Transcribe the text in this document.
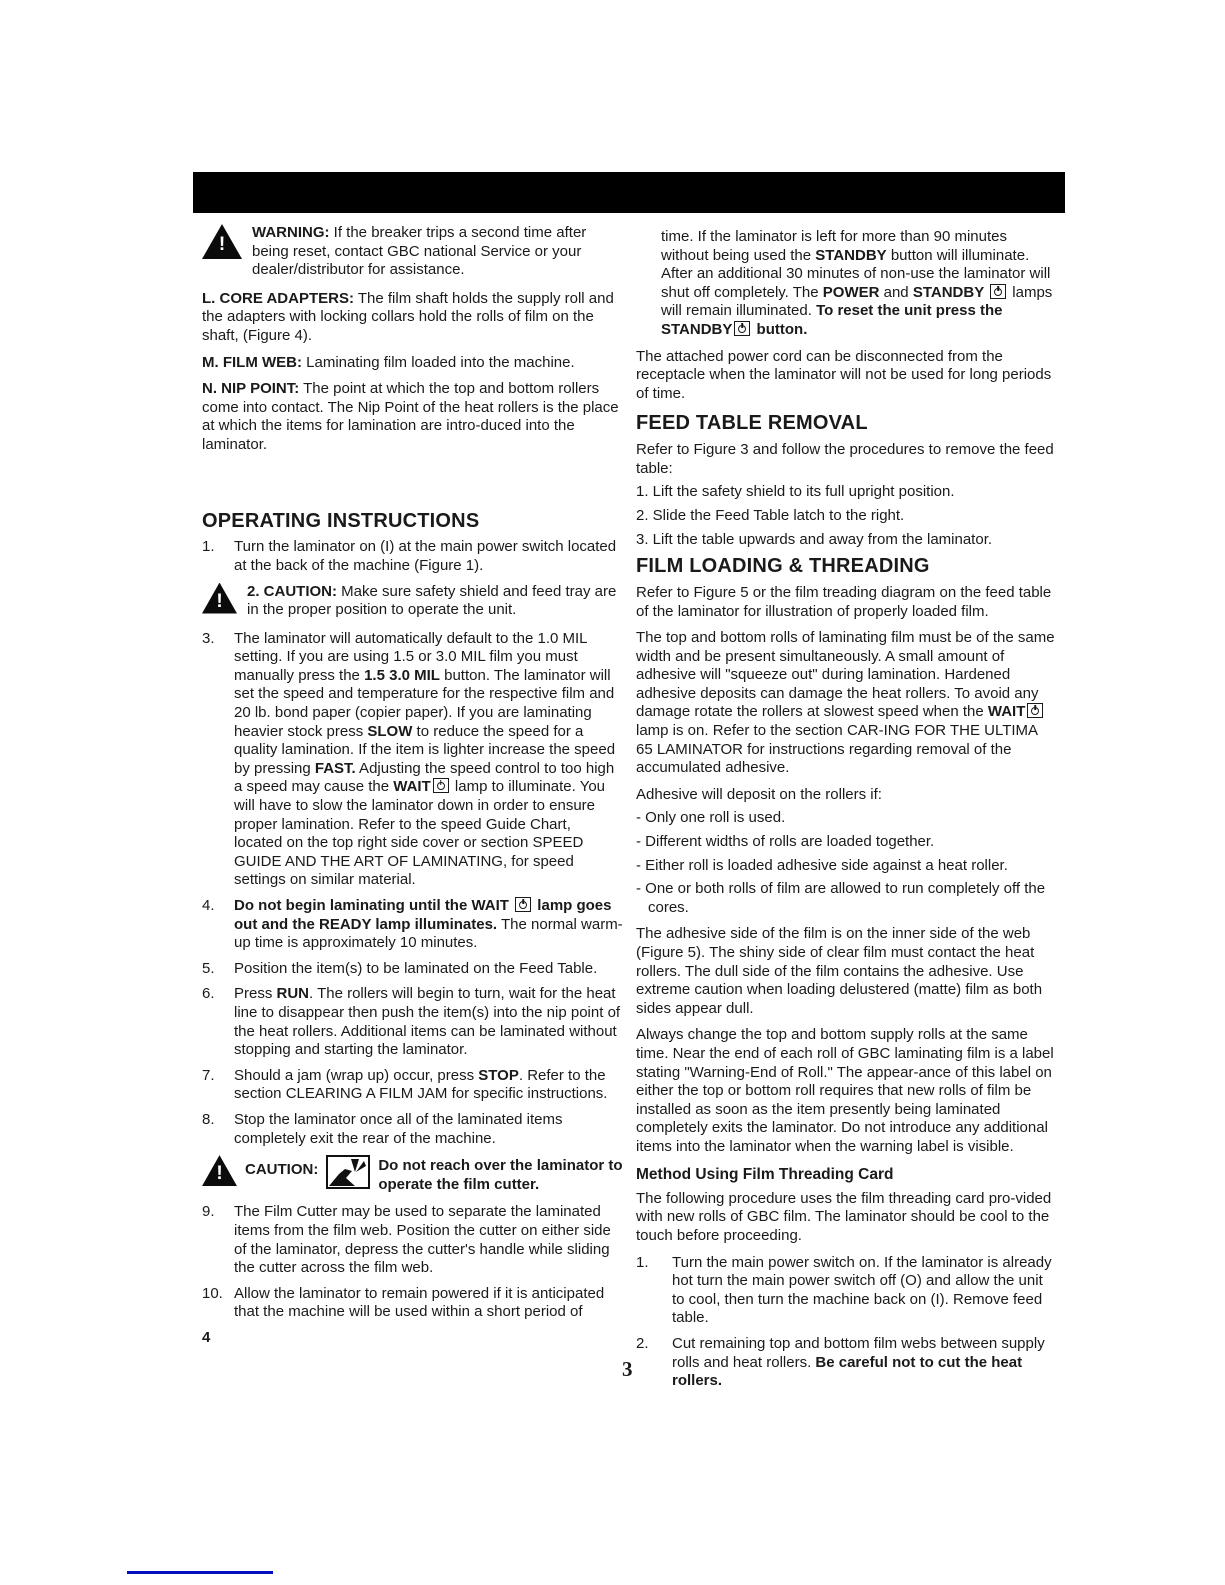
!
WARNING: If the breaker trips a second time after being reset, contact GBC national Service or your dealer/distributor for assistance.

L. CORE ADAPTERS: The film shaft holds the supply roll and the adapters with locking collars hold the rolls of film on the shaft, (Figure 4).

M. FILM WEB: Laminating film loaded into the machine.

N. NIP POINT: The point at which the top and bottom rollers come into contact. The Nip Point of the heat rollers is the place at which the items for lamination are intro-duced into the laminator.

OPERATING INSTRUCTIONS
1.	Turn the laminator on (I) at the main power switch located at the back of the machine (Figure 1).
!
2. CAUTION: Make sure safety shield and feed tray are in the proper position to operate the unit.
3.	The laminator will automatically default to the 1.0 MIL setting. If you are using 1.5 or 3.0 MIL film you must manually press the 1.5 3.0 MIL button. The laminator will set the speed and temperature for the respective film and 20 lb. bond paper (copier paper). If you are laminating heavier stock press SLOW to reduce the speed for a quality lamination. If the item is lighter increase the speed by pressing FAST. Adjusting the speed control to too high a speed may cause the WAIT
lamp to illuminate. You will have to slow the laminator down in order to ensure proper lamination. Refer to the speed Guide Chart, located on the top right side cover or section SPEED GUIDE AND THE ART OF LAMINATING, for speed settings on similar material.
4.	Do not begin laminating until the WAIT
lamp goes out and the READY lamp illuminates. The normal warm-up time is approximately 10 minutes.
5.	Position the item(s) to be laminated on the Feed Table.
6.	Press RUN. The rollers will begin to turn, wait for the heat line to disappear then push the item(s) into the nip point of the heat rollers. Additional items can be laminated without stopping and starting the laminator.
7.	Should a jam (wrap up) occur, press STOP. Refer to the section CLEARING A FILM JAM for specific instructions.
8.	Stop the laminator once all of the laminated items completely exit the rear of the machine.
!
CAUTION:	Do not reach over the laminator to operate the film cutter.
9.	The Film Cutter may be used to separate the laminated items from the film web. Position the cutter on either side of the laminator, depress the cutter's handle while sliding the cutter across the film web.
10. Allow the laminator to remain powered if it is anticipated that the machine will be used within a short period of
4

time. If the laminator is left for more than 90 minutes without being used the STANDBY button will illuminate. After an additional 30 minutes of non-use the laminator will shut off completely. The POWER and STANDBY
lamps will remain illuminated. To reset the unit press the STANDBY
button.

The attached power cord can be disconnected from the receptacle when the laminator will not be used for long periods of time.

FEED TABLE REMOVAL

Refer to Figure 3 and follow the procedures to remove the feed table:

1. Lift the safety shield to its full upright position.
2. Slide the Feed Table latch to the right.
3. Lift the table upwards and away from the laminator.
FILM LOADING & THREADING

Refer to Figure 5 or the film treading diagram on the feed table of the laminator for illustration of properly loaded film.

The top and bottom rolls of laminating film must be of the same width and be present simultaneously. A small amount of adhesive will "squeeze out" during lamination. Hardened adhesive deposits can damage the heat rollers. To avoid any damage rotate the rollers at slowest speed when the WAIT
lamp is on. Refer to the section CAR-ING FOR THE ULTIMA 65 LAMINATOR for instructions regarding removal of the accumulated adhesive.

Adhesive will deposit on the rollers if:

- Only one roll is used.
- Different widths of rolls are loaded together.
- Either roll is loaded adhesive side against a heat roller.
- One or both rolls of film are allowed to run completely off the cores.

The adhesive side of the film is on the inner side of the web (Figure 5). The shiny side of clear film must contact the heat rollers. The dull side of the film contains the adhesive. Use extreme caution when loading delustered (matte) film as both sides appear dull.

Always change the top and bottom supply rolls at the same time. Near the end of each roll of GBC laminating film is a label stating "Warning-End of Roll." The appear-ance of this label on either the top or bottom roll requires that new rolls of film be installed as soon as the item presently being laminated completely exits the laminator. Do not introduce any additional items into the laminator when the warning label is visible.

Method Using Film Threading Card

The following procedure uses the film threading card pro-vided with new rolls of GBC film. The laminator should be cool to the touch before proceeding.

1.	Turn the main power switch on. If the laminator is already hot turn the main power switch off (O) and allow the unit to cool, then turn the machine back on (I). Remove feed table.
2.	Cut remaining top and bottom film webs between supply rolls and heat rollers. Be careful not to cut the heat rollers.
3
